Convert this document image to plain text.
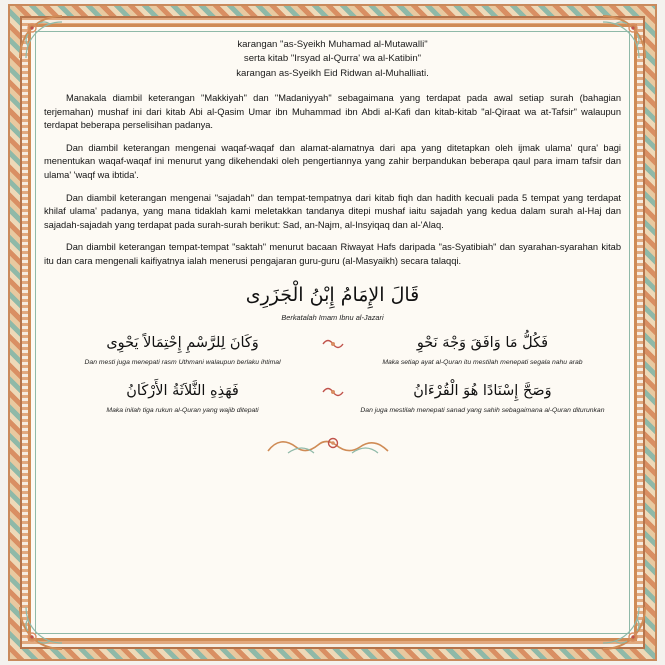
karangan "as-Syeikh Muhamad al-Mutawalli"
serta kitab "Irsyad al-Qurra' wa al-Katibin"
karangan as-Syeikh Eid Ridwan al-Muhalliati.

Manakala diambil keterangan "Makkiyah" dan "Madaniyyah" sebagaimana yang terdapat pada awal setiap surah (bahagian terjemahan) mushaf ini dari kitab Abi al-Qasim Umar ibn Muhammad ibn Abdi al-Kafi dan kitab-kitab "al-Qiraat wa at-Tafsir" walaupun terdapat beberapa perselisihan padanya.

Dan diambil keterangan mengenai waqaf-waqaf dan alamat-alamatnya dari apa yang ditetapkan oleh ijmak ulama' qura' bagi menentukan waqaf-waqaf ini menurut yang dikehendaki oleh pengertiannya yang zahir berpandukan beberapa qaul para imam tafsir dan ulama' 'waqf wa ibtida'.

Dan diambil keterangan mengenai "sajadah" dan tempat-tempatnya dari kitab fiqh dan hadith kecuali pada 5 tempat yang terdapat khilaf ulama' padanya, yang mana tidaklah kami meletakkan tandanya ditepi mushaf iaitu sajadah yang kedua dalam surah al-Haj dan sajadah-sajadah yang terdapat pada surah-surah berikut: Sad, an-Najm, al-Insyiqaq dan al-'Alaq.

Dan diambil keterangan tempat-tempat "saktah" menurut bacaan Riwayat Hafs daripada "as-Syatibiah" dan syarahan-syarahan kitab itu dan cara mengenali kaifiyatnya ialah menerusi pengajaran guru-guru (al-Masyaikh) secara talaqqi.

قَالَ الإِمَامُ إِبْنُ الْجَزَرِى
Berkatalah Imam Ibnu al-Jazari
فَكُلُّ مَا وَافَقَ وَجْهَ نَحْوِ
Maka setiap ayat al-Quran itu mestilah menepati segala nahu arab
وَكَانَ لِلرَّسْمِ إِحْتِمَالاً يَحْوِى
Dan mesti juga menepati rasm Uthmani walaupun berlaku ihtimal
وَصَحَّ إِسْنَادًا هُوَ الْقُرْءَانُ
Dan juga mestilah menepati sanad yang sahih sebagaimana al-Quran diturunkan
فَهَذِهِ الثَّلاَثَةُ الأَرْكَانُ
Maka inilah tiga rukun al-Quran yang wajib ditepati
